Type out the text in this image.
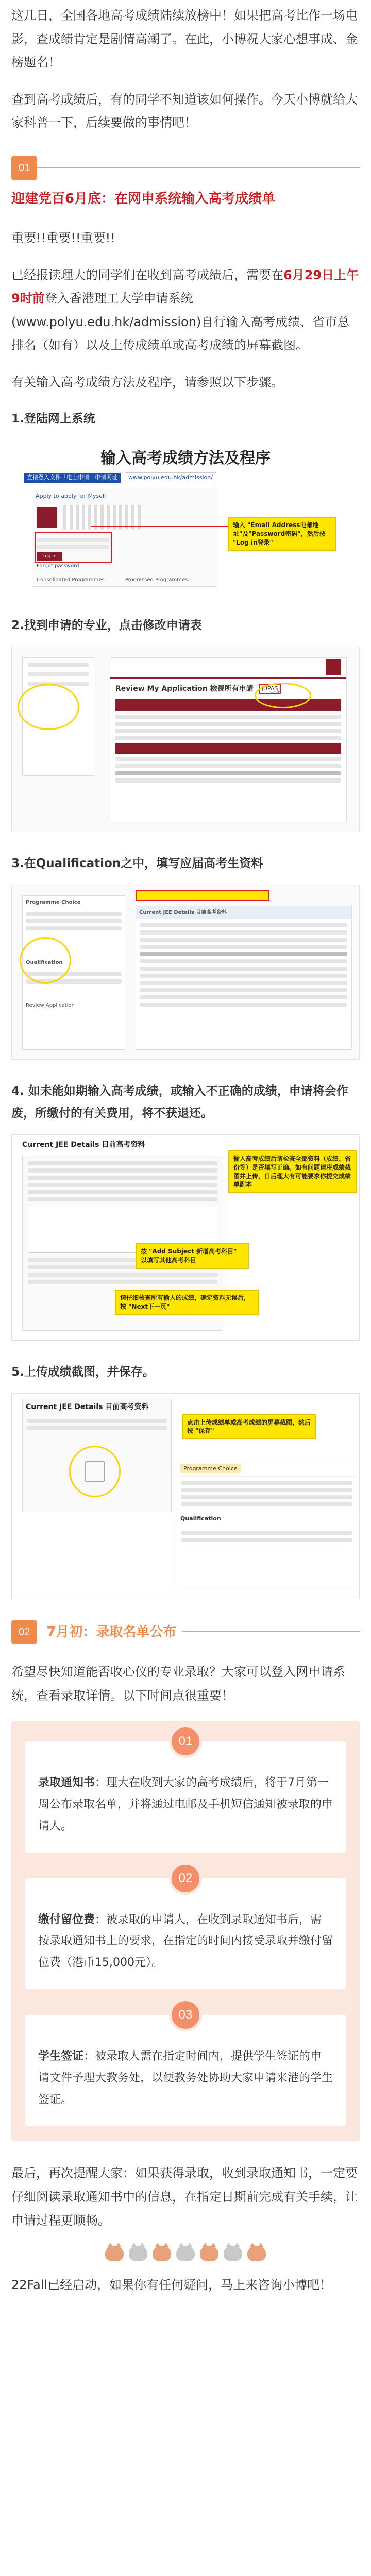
这几日，全国各地高考成绩陆续放榜中！如果把高考比作一场电影，查成绩肯定是剧情高潮了。在此，小博祝大家心想事成、金榜题名！
查到高考成绩后，有的同学不知道该如何操作。今天小博就给大家科普一下，后续要做的事情吧！
01
迎建党百6月底：在网申系统输入高考成绩单
重要!!重要!!重要!!
已经报读理大的同学们在收到高考成绩后，需要在6月29日上午9时前登入香港理工大学申请系统(www.polyu.edu.hk/admission)自行输入高考成绩、省市总排名（如有）以及上传成绩单或高考成绩的屏幕截图。
有关输入高考成绩方法及程序，请参照以下步骤。
1.登陆网上系统
输入高考成绩方法及程序
直接登入文件「电上申请」申请网址	www.polyu.edu.hk/admission/
Apply to apply for Myself
Log in
Forgot password
Consolidated Programmes	Progressed Programmes
输入 "Email Address电邮地址"及"Password密码"，然后按 "Log in登录"
2.找到申请的专业，点击修改申请表
Review My Application 檢視所有申請	JUPAS
Edit
3.在Qualification之中，填写应届高考生资料
Programme Choice
Qualification
Review Application
Current JEE Details 目前高考资料
4. 如未能如期输入高考成绩，或输入不正确的成绩，申请将会作废，所缴付的有关费用，将不获退还。
Current JEE Details 目前高考资料
输入高考成绩后请检查全部资料（成绩、省份等）是否填写正确。如有问题请将成绩截图并上传，日后理大有可能要求你提交成绩单副本
按 "Add Subject 新增高考科目" 以填写其他高考科目
请仔细核查所有输入的成绩，确定资料无误后，按 "Next下一页"
5.上传成绩截图，并保存。
Current JEE Details 目前高考资料
点击上传成绩单或高考成绩的屏幕截图，然后按 "保存"
Programme Choice
Qualification
02	7月初：录取名单公布
希望尽快知道能否收心仪的专业录取？大家可以登入网申请系统，查看录取详情。以下时间点很重要！
01
录取通知书：理大在收到大家的高考成绩后，将于7月第一周公布录取名单，并将通过电邮及手机短信通知被录取的申请人。
02
缴付留位费：被录取的申请人，在收到录取通知书后，需按录取通知书上的要求，在指定的时间内接受录取并缴付留位费（港币15,000元）。
03
学生签证：被录取人需在指定时间内，提供学生签证的申请文件予理大教务处，以便教务处协助大家申请来港的学生签证。
最后，再次提醒大家：如果获得录取，收到录取通知书，一定要仔细阅读录取通知书中的信息，在指定日期前完成有关手续，让申请过程更顺畅。
22Fall已经启动，如果你有任何疑问，马上来咨询小博吧！
